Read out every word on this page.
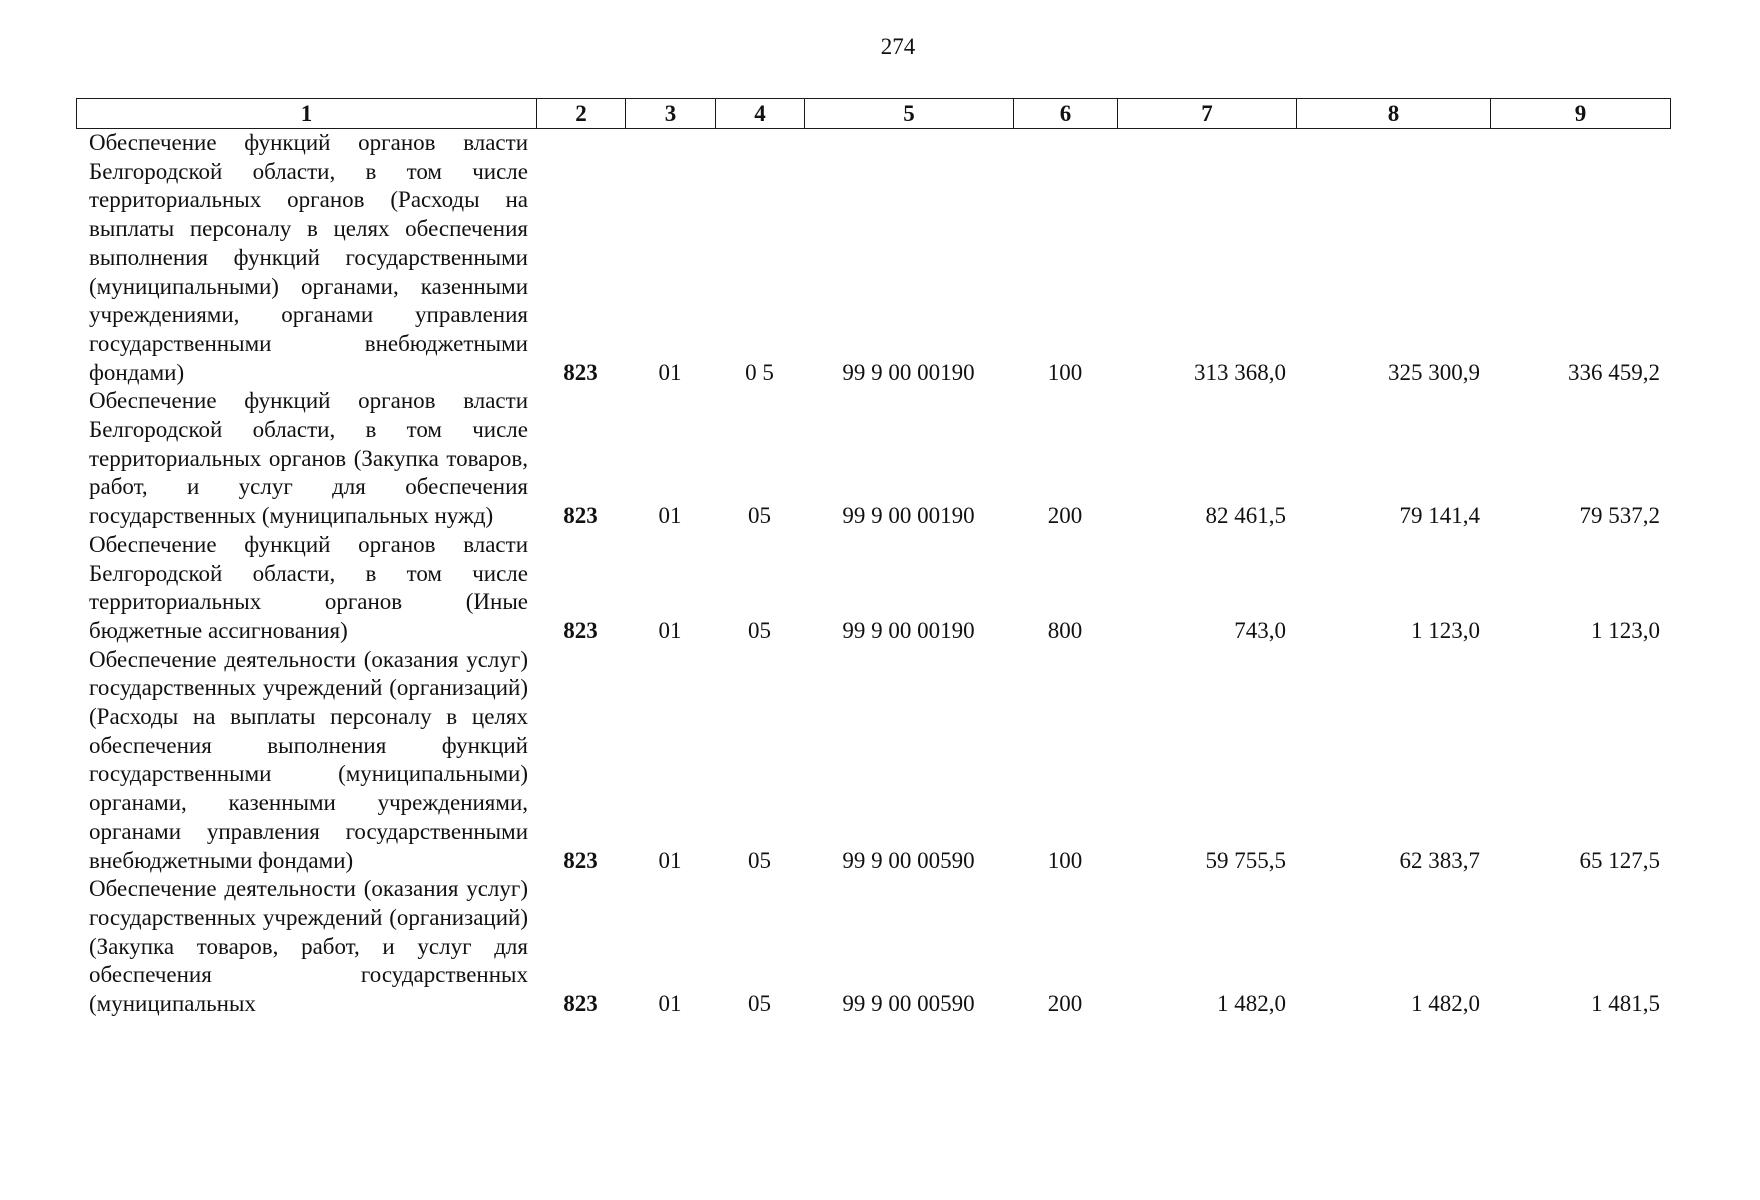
274
1	2	3	4	5	6	7	8	9
Обеспечение функций органов власти Белгородской области, в том числе территориальных органов (Расходы на выплаты персоналу в целях обеспечения выполнения функций государственными (муниципальными) органами, казенными учреждениями, органами управления государственными внебюджетными фондами)	823	01	0 5	99 9 00 00190	100	313 368,0	325 300,9	336 459,2
Обеспечение функций органов власти Белгородской области, в том числе территориальных органов (Закупка товаров, работ, и услуг для обеспечения государственных (муниципальных нужд)	823	01	05	99 9 00 00190	200	82 461,5	79 141,4	79 537,2
Обеспечение функций органов власти Белгородской области, в том числе территориальных органов (Иные бюджетные ассигнования)	823	01	05	99 9 00 00190	800	743,0	1 123,0	1 123,0
Обеспечение деятельности (оказания услуг) государственных учреждений (организаций) (Расходы на выплаты персоналу в целях обеспечения выполнения функций государственными (муниципальными) органами, казенными учреждениями, органами управления государственными внебюджетными фондами)	823	01	05	99 9 00 00590	100	59 755,5	62 383,7	65 127,5
Обеспечение деятельности (оказания услуг) государственных учреждений (организаций) (Закупка товаров, работ, и услуг для обеспечения государственных (муниципальных	823	01	05	99 9 00 00590	200	1 482,0	1 482,0	1 481,5
